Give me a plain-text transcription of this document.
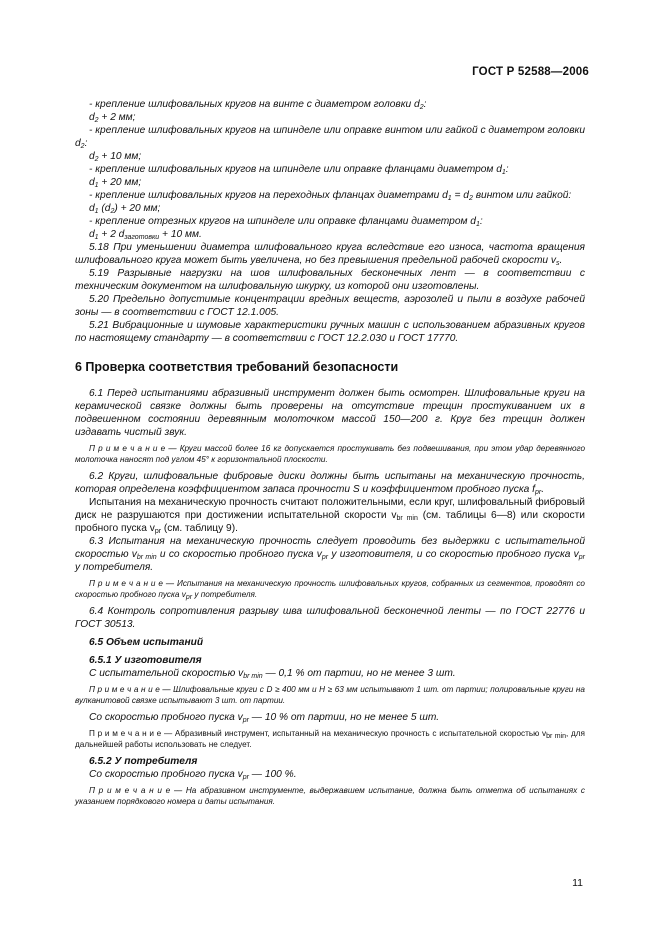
ГОСТ Р 52588—2006

- крепление шлифовальных кругов на винте с диаметром головки $d_2$:

$d_2 + 2$ мм;

- крепление шлифовальных кругов на шпинделе или оправке винтом или гайкой с диаметром головки $d_2$:

$d_2 + 10$ мм;

- крепление шлифовальных кругов на шпинделе или оправке фланцами диаметром $d_1$:

$d_1 + 20$ мм;

- крепление шлифовальных кругов на переходных фланцах диаметрами $d_1 = d_2$ винтом или гайкой:

$d_1$ $(d_2) + 20$ мм;

- крепление отрезных кругов на шпинделе или оправке фланцами диаметром $d_1$:

$d_1 + 2$ $d_{заготовки} + 10$ мм.

5.18 При уменьшении диаметра шлифовального круга вследствие его износа, частота вращения шлифовального круга может быть увеличена, но без превышения предельной рабочей скорости $v_s$.

5.19 Разрывные нагрузки на шов шлифовальных бесконечных лент — в соответствии с техническим документом на шлифовальную шкурку, из которой они изготовлены.

5.20 Предельно допустимые концентрации вредных веществ, аэрозолей и пыли в воздухе рабочей зоны — в соответствии с ГОСТ 12.1.005.

5.21 Вибрационные и шумовые характеристики ручных машин с использованием абразивных кругов по настоящему стандарту — в соответствии с ГОСТ 12.2.030 и ГОСТ 17770.

6 Проверка соответствия требований безопасности

6.1 Перед испытаниями абразивный инструмент должен быть осмотрен. Шлифовальные круги на керамической связке должны быть проверены на отсутствие трещин простукиванием их в подвешенном состоянии деревянным молоточком массой 150—200 г. Круг без трещин должен издавать чистый звук.

П р и м е ч а н и е — Круги массой более 16 кг допускается простукивать без подвешивания, при этом удар деревянного молоточка наносят под углом 45° к горизонтальной плоскости.

6.2 Круги, шлифовальные фибровые диски должны быть испытаны на механическую прочность, которая определена коэффициентом запаса прочности S и коэффициентом пробного пуска $f_{pr}$.

Испытания на механическую прочность считают положительными, если круг, шлифовальный фибровый диск не разрушаются при достижении испытательной скорости $v_{br min}$ (см. таблицы 6—8) или скорости пробного пуска $v_{pr}$ (см. таблицу 9).

6.3 Испытания на механическую прочность следует проводить без выдержки с испытательной скоростью $v_{br min}$ и со скоростью пробного пуска $v_{pr}$ у изготовителя, и со скоростью пробного пуска $v_{pr}$ у потребителя.

П р и м е ч а н и е — Испытания на механическую прочность шлифовальных кругов, собранных из сегментов, проводят со скоростью пробного пуска $v_{pr}$ у потребителя.

6.4 Контроль сопротивления разрыву шва шлифовальной бесконечной ленты — по ГОСТ 22776 и ГОСТ 30513.

6.5 Объем испытаний

6.5.1 У изготовителя

С испытательной скоростью $v_{br min}$ — 0,1 % от партии, но не менее 3 шт.

П р и м е ч а н и е — Шлифовальные круги с D ≥ 400 мм и H ≥ 63 мм испытывают 1 шт. от партии; полировальные круги на вулканитовой связке испытывают 3 шт. от партии.

Со скоростью пробного пуска $v_{pr}$ — 10 % от партии, но не менее 5 шт.

П р и м е ч а н и е — Абразивный инструмент, испытанный на механическую прочность с испытательной скоростью $v_{br min}$, для дальнейшей работы использовать не следует.

6.5.2 У потребителя

Со скоростью пробного пуска $v_{pr}$ — 100 %.

П р и м е ч а н и е — На абразивном инструменте, выдержавшем испытание, должна быть отметка об испытаниях с указанием порядкового номера и даты испытания.

11
